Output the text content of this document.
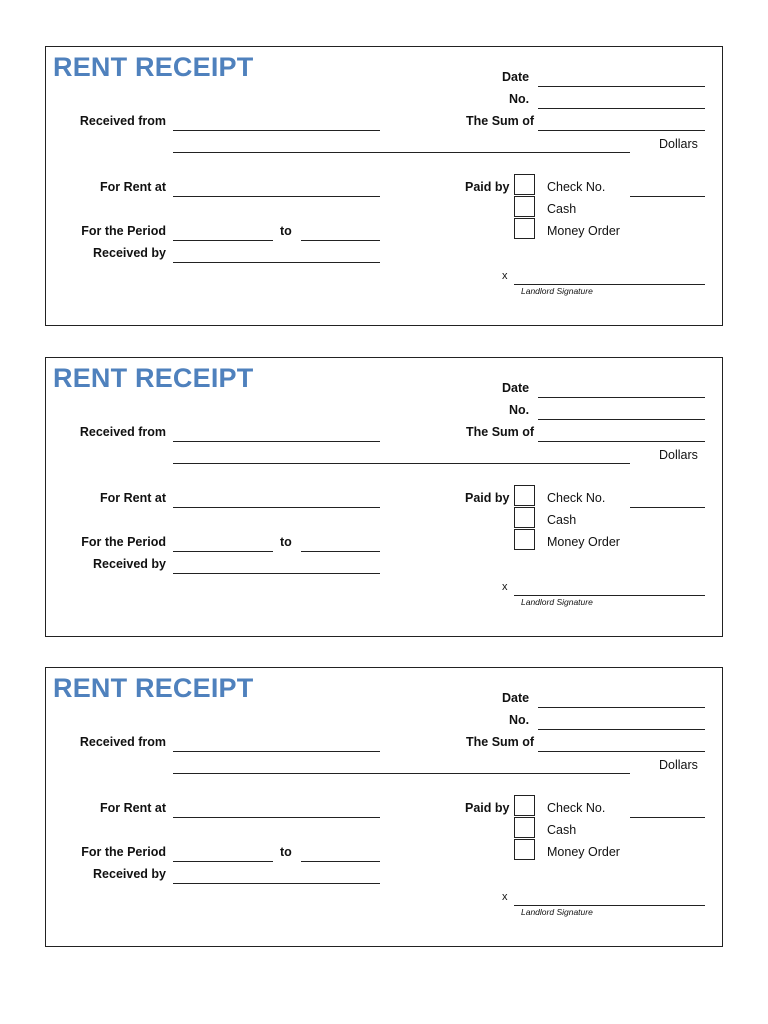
RENT RECEIPT	Date
No.
Received from	The Sum of
Dollars
For Rent at	Paid by	Check No.
Cash
Money Order
For the Period	to
Received by
x
Landlord Signature
RENT RECEIPT	Date
No.
Received from	The Sum of
Dollars
For Rent at	Paid by	Check No.
Cash
Money Order
For the Period	to
Received by
x
Landlord Signature
RENT RECEIPT	Date
No.
Received from	The Sum of
Dollars
For Rent at	Paid by	Check No.
Cash
Money Order
For the Period	to
Received by
x
Landlord Signature
